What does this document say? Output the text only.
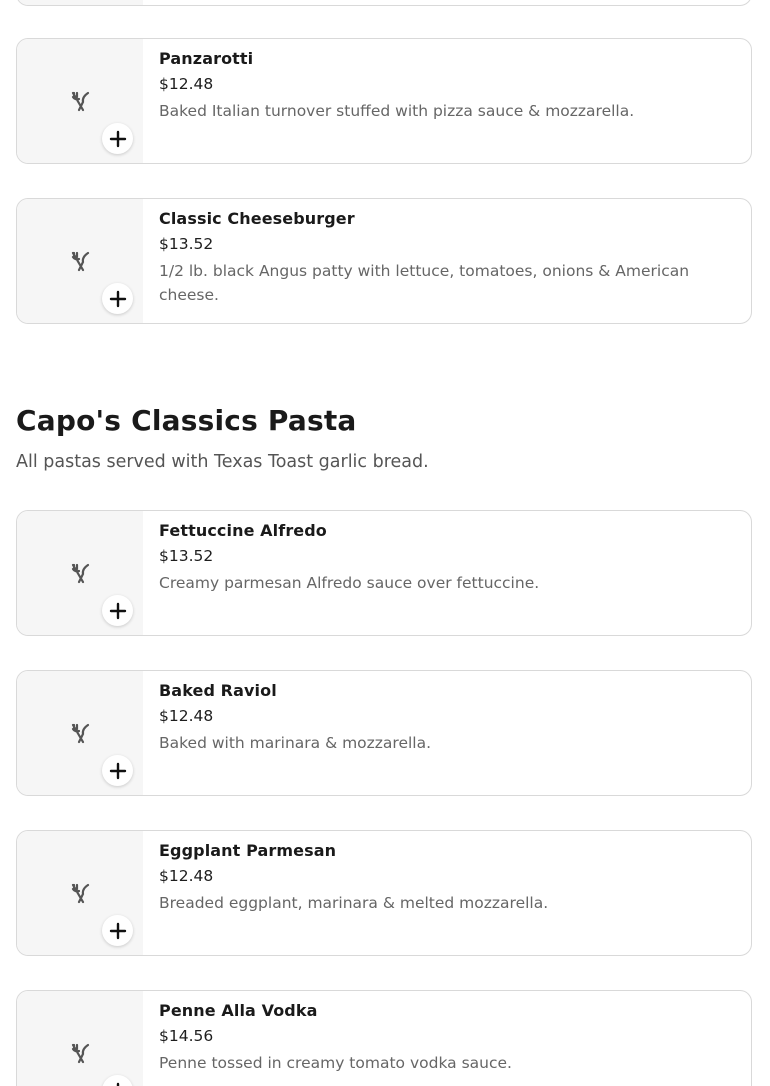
Panzarotti
$12.48
Baked Italian turnover stuffed with pizza sauce & mozzarella.
Classic Cheeseburger
$13.52
1/2 lb. black Angus patty with lettuce, tomatoes, onions & American cheese.
Capo's Classics Pasta
All pastas served with Texas Toast garlic bread.
Fettuccine Alfredo
$13.52
Creamy parmesan Alfredo sauce over fettuccine.
Baked Raviol
$12.48
Baked with marinara & mozzarella.
Eggplant Parmesan
$12.48
Breaded eggplant, marinara & melted mozzarella.
Penne Alla Vodka
$14.56
Penne tossed in creamy tomato vodka sauce.
